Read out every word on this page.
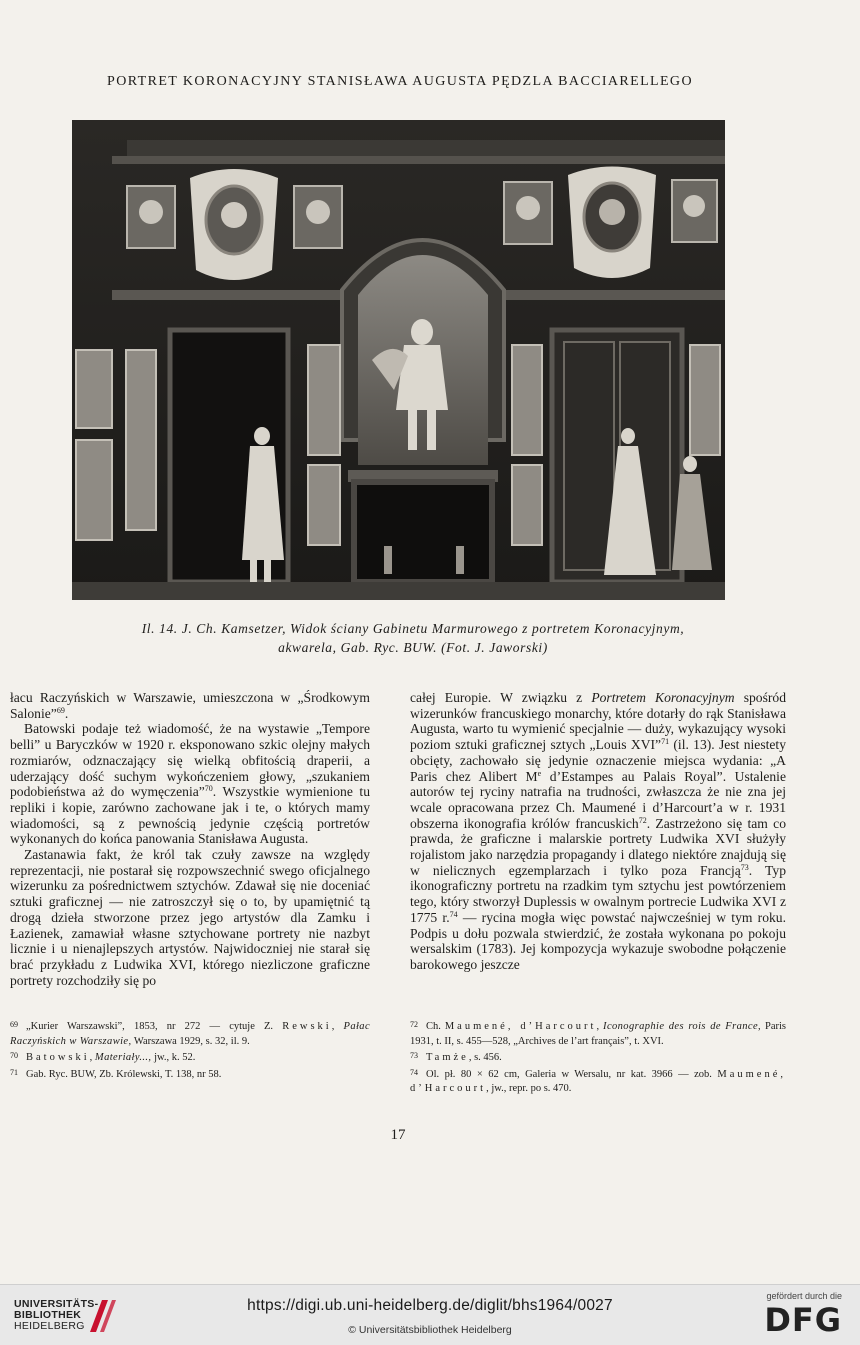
PORTRET KORONACYJNY STANISŁAWA AUGUSTA PĘDZLA BACCIARELLEGO
Il. 14. J. Ch. Kamsetzer, Widok ściany Gabinetu Marmurowego z portretem Koronacyjnym,
akwarela, Gab. Ryc. BUW. (Fot. J. Jaworski)

łacu Raczyńskich w Warszawie, umieszczona w „Środkowym Salonie”$^{69}$.

Batowski podaje też wiadomość, że na wystawie „Tempore belli” u Baryczków w 1920 r. eksponowano szkic olejny małych rozmiarów, odznaczający się wielką obfitością draperii, a uderzający dość suchym wykończeniem głowy, „szukaniem podobieństwa aż do wymęczenia”$^{70}$. Wszystkie wymienione tu repliki i kopie, zarówno zachowane jak i te, o których mamy wiadomości, są z pewnością jedynie częścią portretów wykonanych do końca panowania Stanisława Augusta.

Zastanawia fakt, że król tak czuły zawsze na względy reprezentacji, nie postarał się rozpowszechnić swego oficjalnego wizerunku za pośrednictwem sztychów. Zdawał się nie doceniać sztuki graficznej — nie zatroszczył się o to, by upamiętnić tą drogą dzieła stworzone przez jego artystów dla Zamku i Łazienek, zamawiał własne sztychowane portrety nie nazbyt licznie i u nienajlepszych artystów. Najwidoczniej nie starał się brać przykładu z Ludwika XVI, którego niezliczone graficzne portrety rozchodziły się po

całej Europie. W związku z Portretem Koronacyjnym spośród wizerunków francuskiego monarchy, które dotarły do rąk Stanisława Augusta, warto tu wymienić specjalnie — duży, wykazujący wysoki poziom sztuki graficznej sztych „Louis XVI”$^{71}$ (il. 13). Jest niestety obcięty, zachowało się jedynie oznaczenie miejsca wydania: „A Paris chez Alibert Me d’Estampes au Palais Royal”. Ustalenie autorów tej ryciny natrafia na trudności, zwłaszcza że nie zna jej wcale opracowana przez Ch. Maumené i d’Harcourt’a w r. 1931 obszerna ikonografia królów francuskich$^{72}$. Zastrzeżono się tam co prawda, że graficzne i malarskie portrety Ludwika XVI służyły rojalistom jako narzędzia propagandy i dlatego niektóre znajdują się w nielicznych egzemplarzach i tylko poza Francją$^{73}$. Typ ikonograficzny portretu na rzadkim tym sztychu jest powtórzeniem tego, który stworzył Duplessis w owalnym portrecie Ludwika XVI z 1775 r.$^{74}$ — rycina mogła więc powstać najwcześniej w tym roku. Podpis u dołu pozwala stwierdzić, że została wykonana po pokoju wersalskim (1783). Jej kompozycja wykazuje swobodne połączenie barokowego jeszcze

69 „Kurier Warszawski”, 1853, nr 272 — cytuje Z. Rewski, Pałac Raczyńskich w Warszawie, Warszawa 1929, s. 32, il. 9.

70 Batowski, Materiały..., jw., k. 52.

71 Gab. Ryc. BUW, Zb. Królewski, T. 138, nr 58.

72 Ch. Maumené, d’Harcourt, Iconographie des rois de France, Paris 1931, t. II, s. 455—528, „Archives de l’art français”, t. XVI.

73 Tamże, s. 456.

74 Ol. pł. 80 × 62 cm, Galeria w Wersalu, nr kat. 3966 — zob. Maumené, d’Harcourt, jw., repr. po s. 470.

17
UNIVERSITÄTS-
BIBLIOTHEK
HEIDELBERG
https://digi.ub.uni-heidelberg.de/diglit/bhs1964/0027
© Universitätsbibliothek Heidelberg
gefördert durch die
DFG
